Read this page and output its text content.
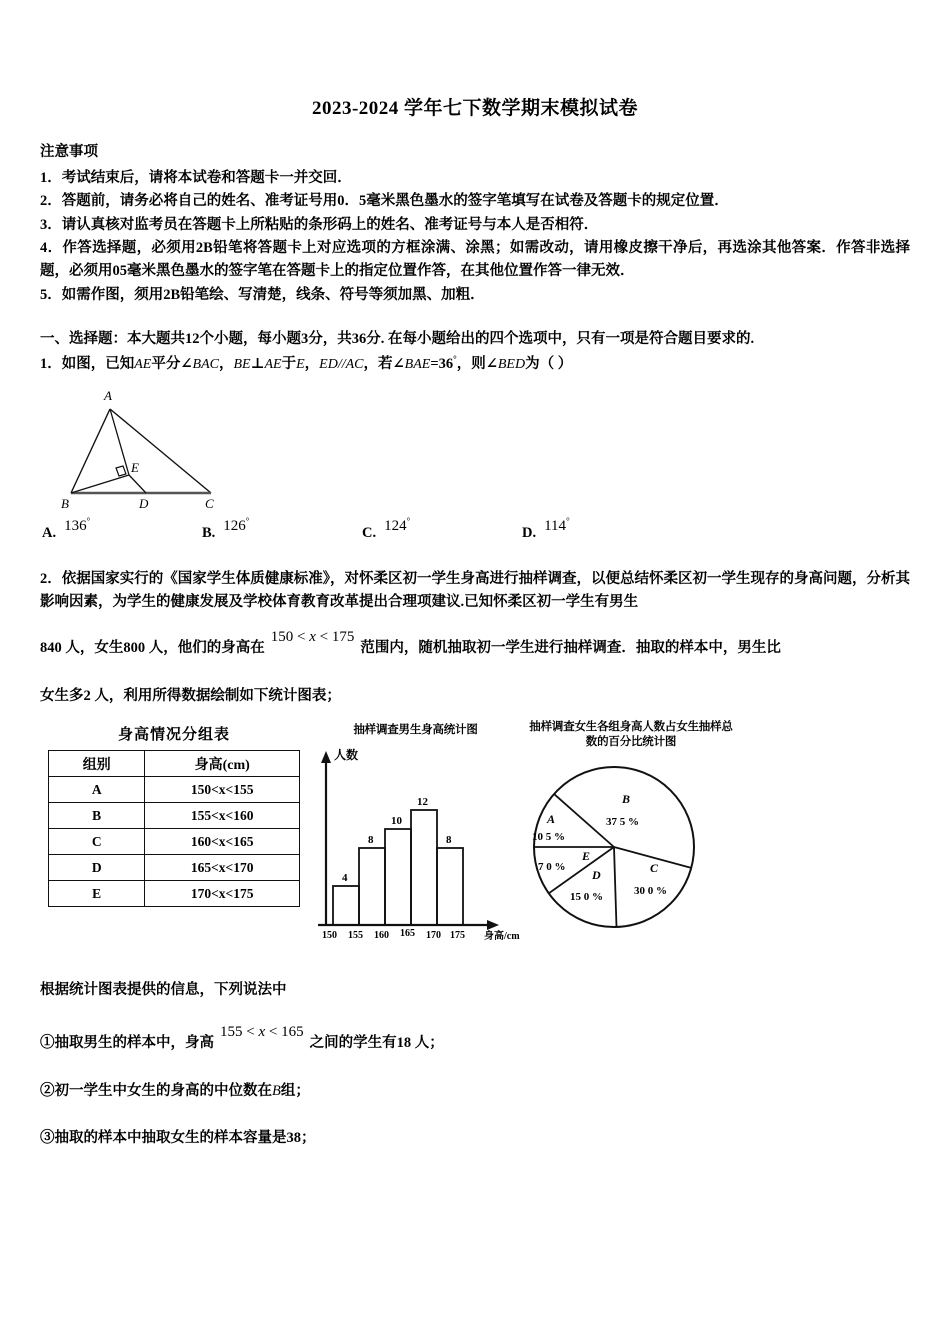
2023-2024 学年七下数学期末模拟试卷
注意事项
1．考试结束后，请将本试卷和答题卡一并交回．
2．答题前，请务必将自己的姓名、准考证号用0．5毫米黑色墨水的签字笔填写在试卷及答题卡的规定位置．
3．请认真核对监考员在答题卡上所粘贴的条形码上的姓名、准考证号与本人是否相符．
4．作答选择题，必须用2B铅笔将答题卡上对应选项的方框涂满、涂黑；如需改动，请用橡皮擦干净后，再选涂其他答案．作答非选择题，必须用05毫米黑色墨水的签字笔在答题卡上的指定位置作答，在其他位置作答一律无效．
5．如需作图，须用2B铅笔绘、写清楚，线条、符号等须加黑、加粗．
一、选择题：本大题共12个小题，每小题3分，共36分. 在每小题给出的四个选项中，只有一项是符合题目要求的.
1．如图，已知AE平分∠BAC，BE⊥AE于E，ED//AC，若∠BAE=36°，则∠BED为（ ）
A
B	D	C
E
A. 136°
B. 126°
C. 124°
D. 114°

2．依据国家实行的《国家学生体质健康标准》，对怀柔区初一学生身高进行抽样调查，以便总结怀柔区初一学生现存的身高问题，分析其影响因素，为学生的健康发展及学校体育教育改革提出合理项建议.已知怀柔区初一学生有男生

840 人，女生800 人，他们的身高在150 < x < 175范围内，随机抽取初一学生进行抽样调查．抽取的样本中，男生比

女生多2 人，利用所得数据绘制如下统计图表；

身高情况分组表
组别	身高(cm)
A	150<x<155
B	155<x<160
C	160<x<165
D	165<x<170
E	170<x<175
抽样调查男生身高统计图
人数
身高/cm
4
8
10
12
8
150 155 160 165 170 175
抽样调查女生各组身高人数占女生抽样总数的百分比统计图
A
10 5 %
B
37 5 %
C
30 0 %
D
15 0 %
E
7 0 %

根据统计图表提供的信息，下列说法中

①抽取男生的样本中，身高155 < x < 165之间的学生有18 人；

②初一学生中女生的身高的中位数在B组；

③抽取的样本中抽取女生的样本容量是38；
